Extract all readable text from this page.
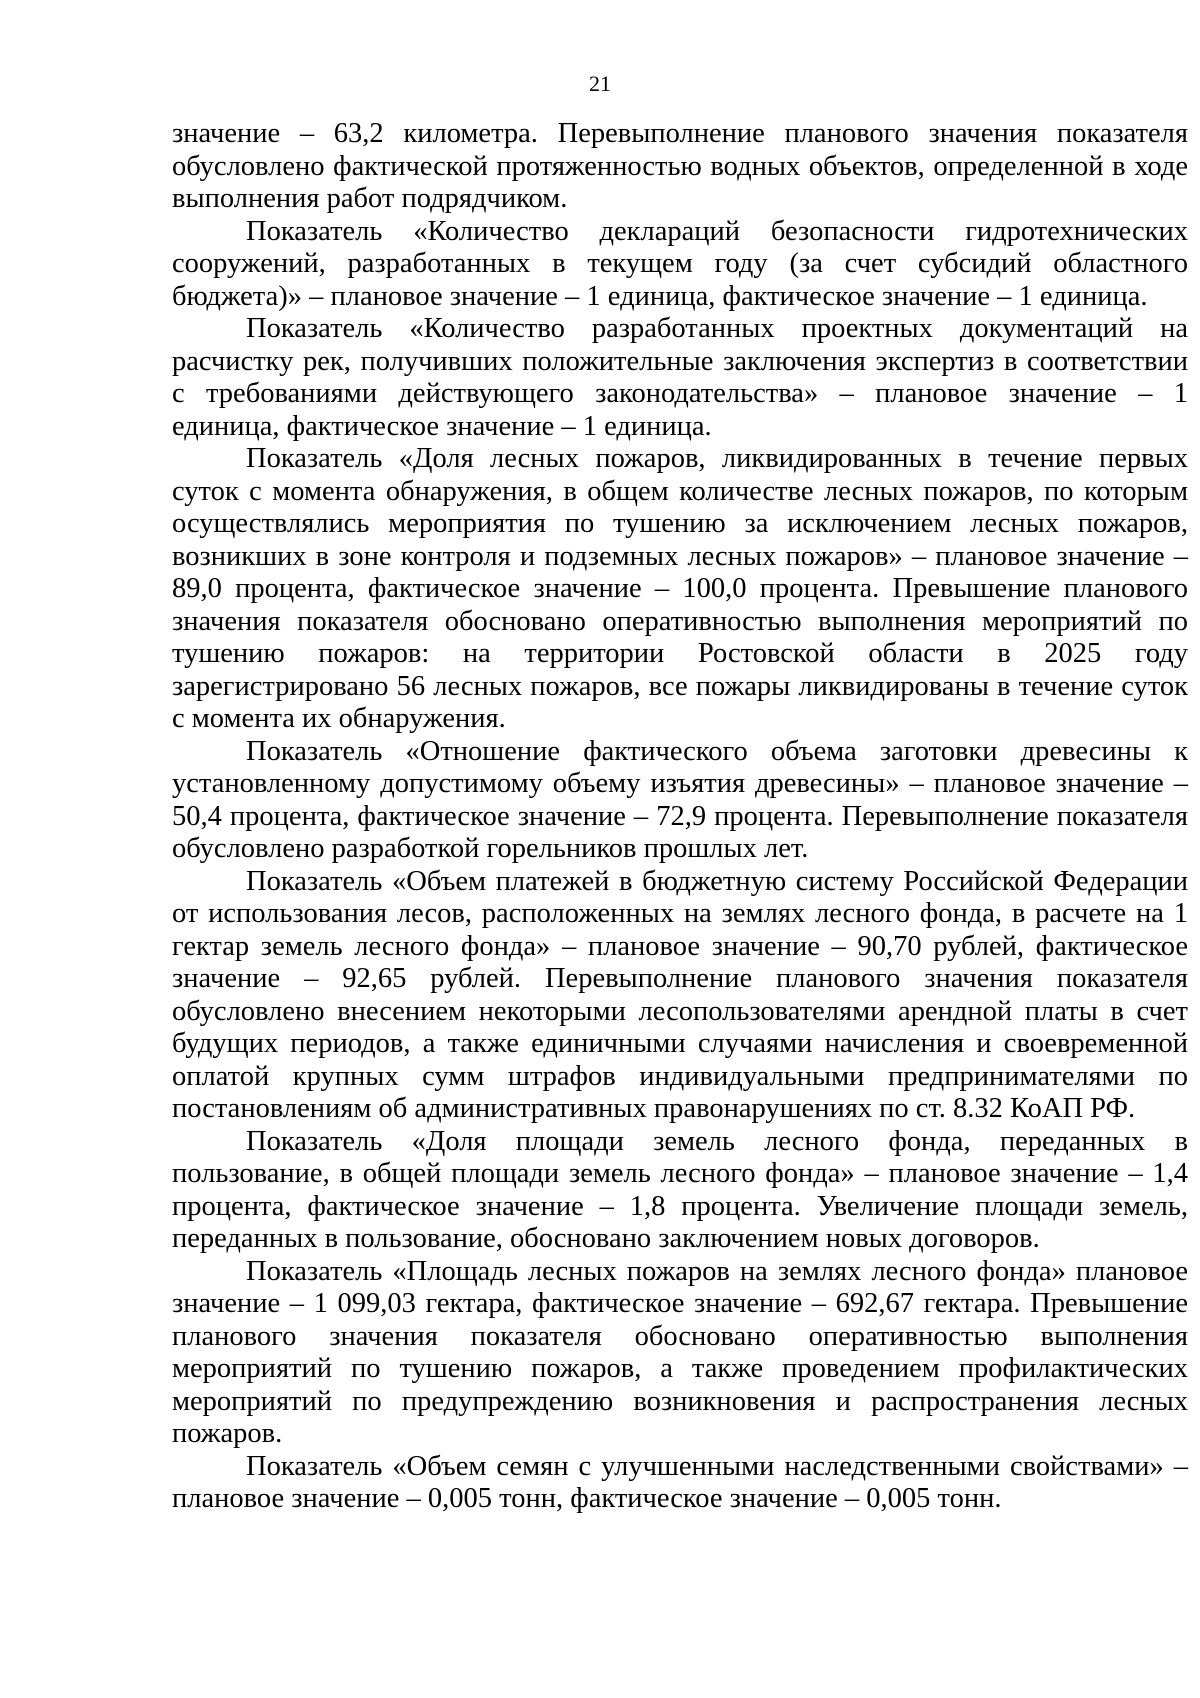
21

значение – 63,2 километра. Перевыполнение планового значения показателя обусловлено фактической протяженностью водных объектов, определенной в ходе выполнения работ подрядчиком.

Показатель «Количество деклараций безопасности гидротехнических сооружений, разработанных в текущем году (за счет субсидий областного бюджета)» – плановое значение – 1 единица, фактическое значение – 1 единица.

Показатель «Количество разработанных проектных документаций на расчистку рек, получивших положительные заключения экспертиз в соответствии с требованиями действующего законодательства» – плановое значение – 1 единица, фактическое значение – 1 единица.

Показатель «Доля лесных пожаров, ликвидированных в течение первых суток с момента обнаружения, в общем количестве лесных пожаров, по которым осуществлялись мероприятия по тушению за исключением лесных пожаров, возникших в зоне контроля и подземных лесных пожаров» – плановое значение – 89,0 процента, фактическое значение – 100,0 процента. Превышение планового значения показателя обосновано оперативностью выполнения мероприятий по тушению пожаров: на территории Ростовской области в 2025 году зарегистрировано 56 лесных пожаров, все пожары ликвидированы в течение суток с момента их обнаружения.

Показатель «Отношение фактического объема заготовки древесины к установленному допустимому объему изъятия древесины» – плановое значение – 50,4 процента, фактическое значение – 72,9 процента. Перевыполнение показателя обусловлено разработкой горельников прошлых лет.

Показатель «Объем платежей в бюджетную систему Российской Федерации от использования лесов, расположенных на землях лесного фонда, в расчете на 1 гектар земель лесного фонда» – плановое значение – 90,70 рублей, фактическое значение – 92,65 рублей. Перевыполнение планового значения показателя обусловлено внесением некоторыми лесопользователями арендной платы в счет будущих периодов, а также единичными случаями начисления и своевременной оплатой крупных сумм штрафов индивидуальными предпринимателями по постановлениям об административных правонарушениях по ст. 8.32 КоАП РФ.

Показатель «Доля площади земель лесного фонда, переданных в пользование, в общей площади земель лесного фонда» – плановое значение – 1,4 процента, фактическое значение – 1,8 процента. Увеличение площади земель, переданных в пользование, обосновано заключением новых договоров.

Показатель «Площадь лесных пожаров на землях лесного фонда» плановое значение – 1 099,03 гектара, фактическое значение – 692,67 гектара. Превышение планового значения показателя обосновано оперативностью выполнения мероприятий по тушению пожаров, а также проведением профилактических мероприятий по предупреждению возникновения и распространения лесных пожаров.

Показатель «Объем семян с улучшенными наследственными свойствами» – плановое значение – 0,005 тонн, фактическое значение – 0,005 тонн.
